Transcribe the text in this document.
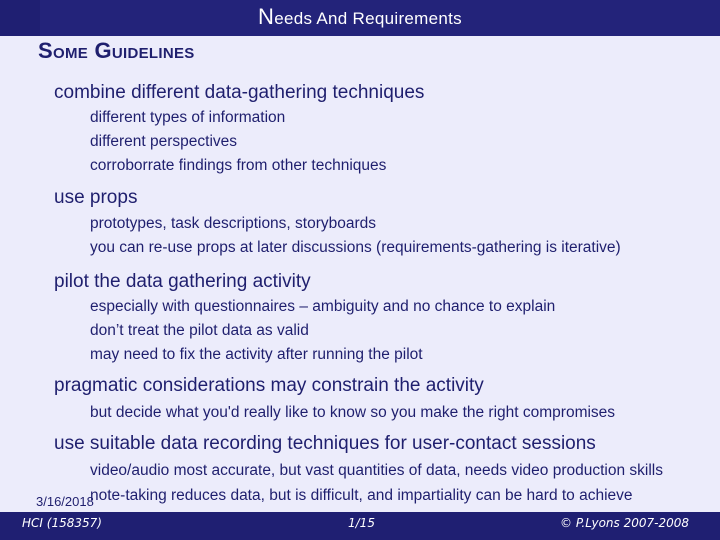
Needs And Requirements
Some Guidelines
combine different data-gathering techniques
different types of information
different perspectives
corroborrate findings from other techniques
use props
prototypes, task descriptions, storyboards
you can re-use props at later discussions (requirements-gathering is iterative)
pilot the data gathering activity
especially with questionnaires – ambiguity and no chance to explain
don’t treat the pilot data as valid
may need to fix the activity after running the pilot
pragmatic considerations may constrain the activity
but decide what you'd really like to know so you make the right compromises
use suitable data recording techniques for user-contact sessions
video/audio most accurate, but vast quantities of data, needs video production skills
note-taking reduces data, but is difficult, and impartiality can be hard to achieve
3/16/2018
HCI (158357)	1/15	© P.Lyons 2007-2008
